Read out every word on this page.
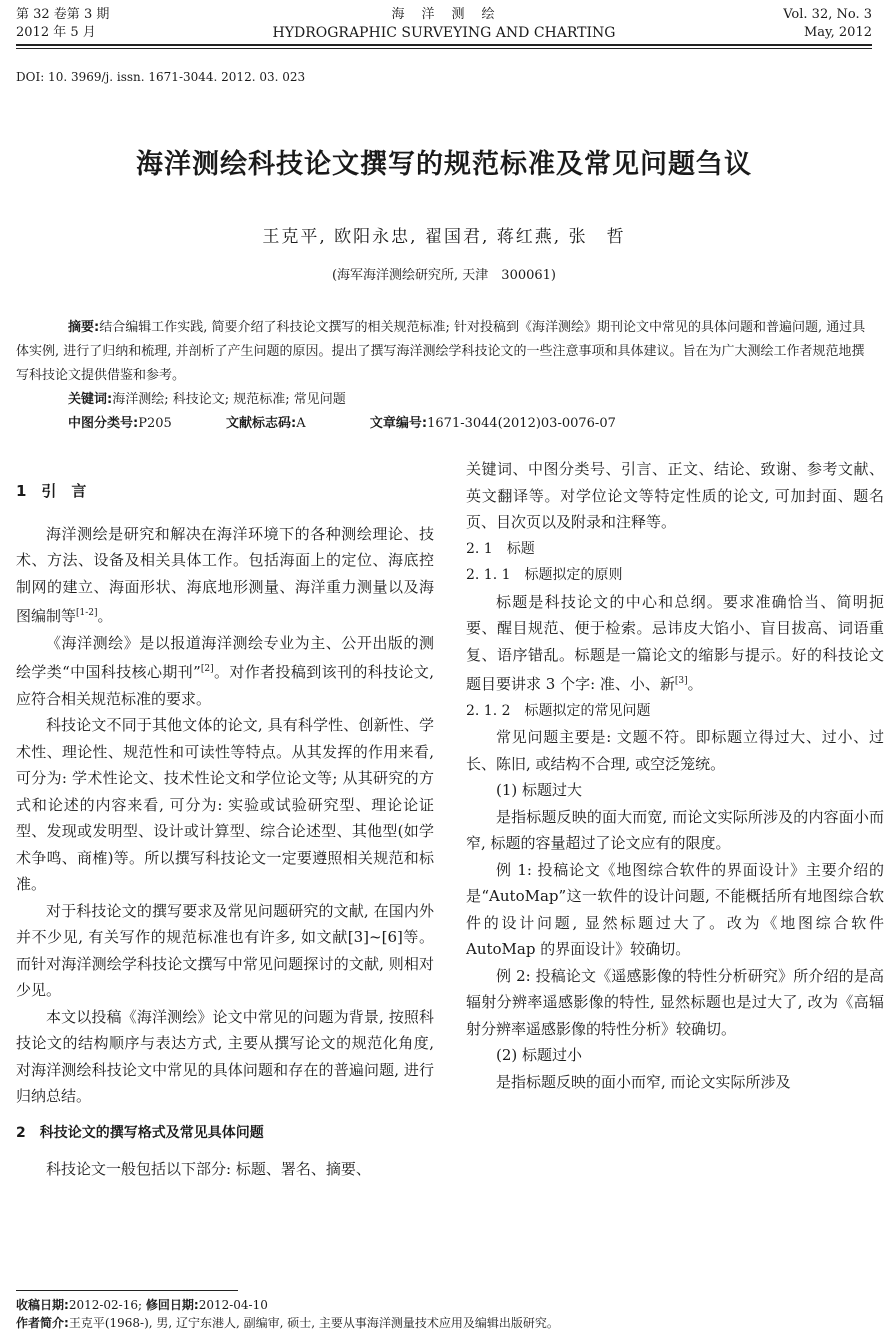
第 32 卷第 3 期
2012 年 5 月
海　洋　测　绘
HYDROGRAPHIC SURVEYING AND CHARTING
Vol. 32, No. 3
May, 2012
DOI: 10. 3969/j. issn. 1671-3044. 2012. 03. 023
海洋测绘科技论文撰写的规范标准及常见问题刍议
王克平, 欧阳永忠, 翟国君, 蒋红燕, 张　哲
(海军海洋测绘研究所, 天津　300061)

摘要:结合编辑工作实践, 简要介绍了科技论文撰写的相关规范标准; 针对投稿到《海洋测绘》期刊论文中常见的具体问题和普遍问题, 通过具体实例, 进行了归纳和梳理, 并剖析了产生问题的原因。提出了撰写海洋测绘学科技论文的一些注意事项和具体建议。旨在为广大测绘工作者规范地撰写科技论文提供借鉴和参考。

关键词:海洋测绘; 科技论文; 规范标准; 常见问题

中图分类号:P205	文献标志码:A	文章编号:1671-3044(2012)03-0076-07

1　引　言

海洋测绘是研究和解决在海洋环境下的各种测绘理论、技术、方法、设备及相关具体工作。包括海面上的定位、海底控制网的建立、海面形状、海底地形测量、海洋重力测量以及海图编制等[1-2]。

《海洋测绘》是以报道海洋测绘专业为主、公开出版的测绘学类“中国科技核心期刊”[2]。对作者投稿到该刊的科技论文, 应符合相关规范标准的要求。

科技论文不同于其他文体的论文, 具有科学性、创新性、学术性、理论性、规范性和可读性等特点。从其发挥的作用来看, 可分为: 学术性论文、技术性论文和学位论文等; 从其研究的方式和论述的内容来看, 可分为: 实验或试验研究型、理论论证型、发现或发明型、设计或计算型、综合论述型、其他型(如学术争鸣、商榷)等。所以撰写科技论文一定要遵照相关规范和标准。

对于科技论文的撰写要求及常见问题研究的文献, 在国内外并不少见, 有关写作的规范标准也有许多, 如文献[3]~[6]等。而针对海洋测绘学科技论文撰写中常见问题探讨的文献, 则相对少见。

本文以投稿《海洋测绘》论文中常见的问题为背景, 按照科技论文的结构顺序与表达方式, 主要从撰写论文的规范化角度, 对海洋测绘科技论文中常见的具体问题和存在的普遍问题, 进行归纳总结。

2　科技论文的撰写格式及常见具体问题

科技论文一般包括以下部分: 标题、署名、摘要、

关键词、中图分类号、引言、正文、结论、致谢、参考文献、英文翻译等。对学位论文等特定性质的论文, 可加封面、题名页、目次页以及附录和注释等。

2. 1　标题

2. 1. 1　标题拟定的原则

标题是科技论文的中心和总纲。要求准确恰当、简明扼要、醒目规范、便于检索。忌讳皮大馅小、盲目拔高、词语重复、语序错乱。标题是一篇论文的缩影与提示。好的科技论文题目要讲求 3 个字: 准、小、新[3]。

2. 1. 2　标题拟定的常见问题

常见问题主要是: 文题不符。即标题立得过大、过小、过长、陈旧, 或结构不合理, 或空泛笼统。

(1) 标题过大

是指标题反映的面大而宽, 而论文实际所涉及的内容面小而窄, 标题的容量超过了论文应有的限度。

例 1: 投稿论文《地图综合软件的界面设计》主要介绍的是“AutoMap”这一软件的设计问题, 不能概括所有地图综合软件的设计问题, 显然标题过大了。改为《地图综合软件 AutoMap 的界面设计》较确切。

例 2: 投稿论文《遥感影像的特性分析研究》所介绍的是高辐射分辨率遥感影像的特性, 显然标题也是过大了, 改为《高辐射分辨率遥感影像的特性分析》较确切。

(2) 标题过小

是指标题反映的面小而窄, 而论文实际所涉及

收稿日期:2012-02-16; 修回日期:2012-04-10
作者简介:王克平(1968-), 男, 辽宁东港人, 副编审, 硕士, 主要从事海洋测量技术应用及编辑出版研究。
